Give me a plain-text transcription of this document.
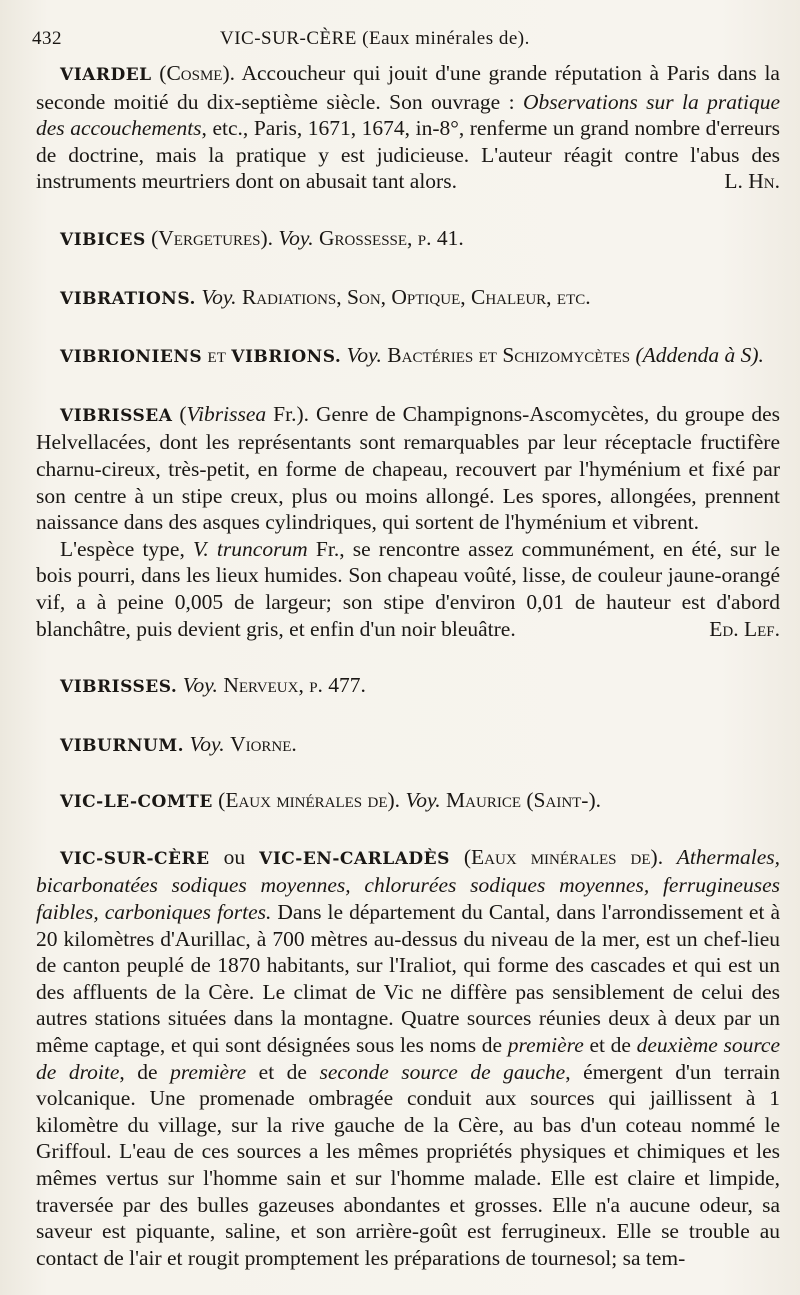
432	VIC-SUR-CÈRE (Eaux minérales de).

VIARDEL (Cosme). Accoucheur qui jouit d'une grande réputation à Paris dans la seconde moitié du dix-septième siècle. Son ouvrage : Observations sur la pratique des accouchements, etc., Paris, 1671, 1674, in-8°, renferme un grand nombre d'erreurs de doctrine, mais la pratique y est judicieuse. L'auteur réagit contre l'abus des instruments meurtriers dont on abusait tant alors.	L. Hn.

VIBICES (Vergetures). Voy. Grossesse, p. 41.

VIBRATIONS. Voy. Radiations, Son, Optique, Chaleur, etc.

VIBRIONIENS et VIBRIONS. Voy. Bactéries et Schizomycètes (Addenda à S).

VIBRISSEA (Vibrissea Fr.). Genre de Champignons-Ascomycètes, du groupe des Helvellacées, dont les représentants sont remarquables par leur réceptacle fructifère charnu-cireux, très-petit, en forme de chapeau, recouvert par l'hyménium et fixé par son centre à un stipe creux, plus ou moins allongé. Les spores, allongées, prennent naissance dans des asques cylindriques, qui sortent de l'hyménium et vibrent.

L'espèce type, V. truncorum Fr., se rencontre assez communément, en été, sur le bois pourri, dans les lieux humides. Son chapeau voûté, lisse, de couleur jaune-orangé vif, a à peine 0,005 de largeur; son stipe d'environ 0,01 de hauteur est d'abord blanchâtre, puis devient gris, et enfin d'un noir bleuâtre.	Ed. Lef.

VIBRISSES. Voy. Nerveux, p. 477.

VIBURNUM. Voy. Viorne.

VIC-LE-COMTE (Eaux minérales de). Voy. Maurice (Saint-).

VIC-SUR-CÈRE ou VIC-EN-CARLADÈS (Eaux minérales de). Athermales, bicarbonatées sodiques moyennes, chlorurées sodiques moyennes, ferrugineuses faibles, carboniques fortes. Dans le département du Cantal, dans l'arrondissement et à 20 kilomètres d'Aurillac, à 700 mètres au-dessus du niveau de la mer, est un chef-lieu de canton peuplé de 1870 habitants, sur l'Iraliot, qui forme des cascades et qui est un des affluents de la Cère. Le climat de Vic ne diffère pas sensiblement de celui des autres stations situées dans la montagne. Quatre sources réunies deux à deux par un même captage, et qui sont désignées sous les noms de première et de deuxième source de droite, de première et de seconde source de gauche, émergent d'un terrain volcanique. Une promenade ombragée conduit aux sources qui jaillissent à 1 kilomètre du village, sur la rive gauche de la Cère, au bas d'un coteau nommé le Griffoul. L'eau de ces sources a les mêmes propriétés physiques et chimiques et les mêmes vertus sur l'homme sain et sur l'homme malade. Elle est claire et limpide, traversée par des bulles gazeuses abondantes et grosses. Elle n'a aucune odeur, sa saveur est piquante, saline, et son arrière-goût est ferrugineux. Elle se trouble au contact de l'air et rougit promptement les préparations de tournesol; sa tem-
